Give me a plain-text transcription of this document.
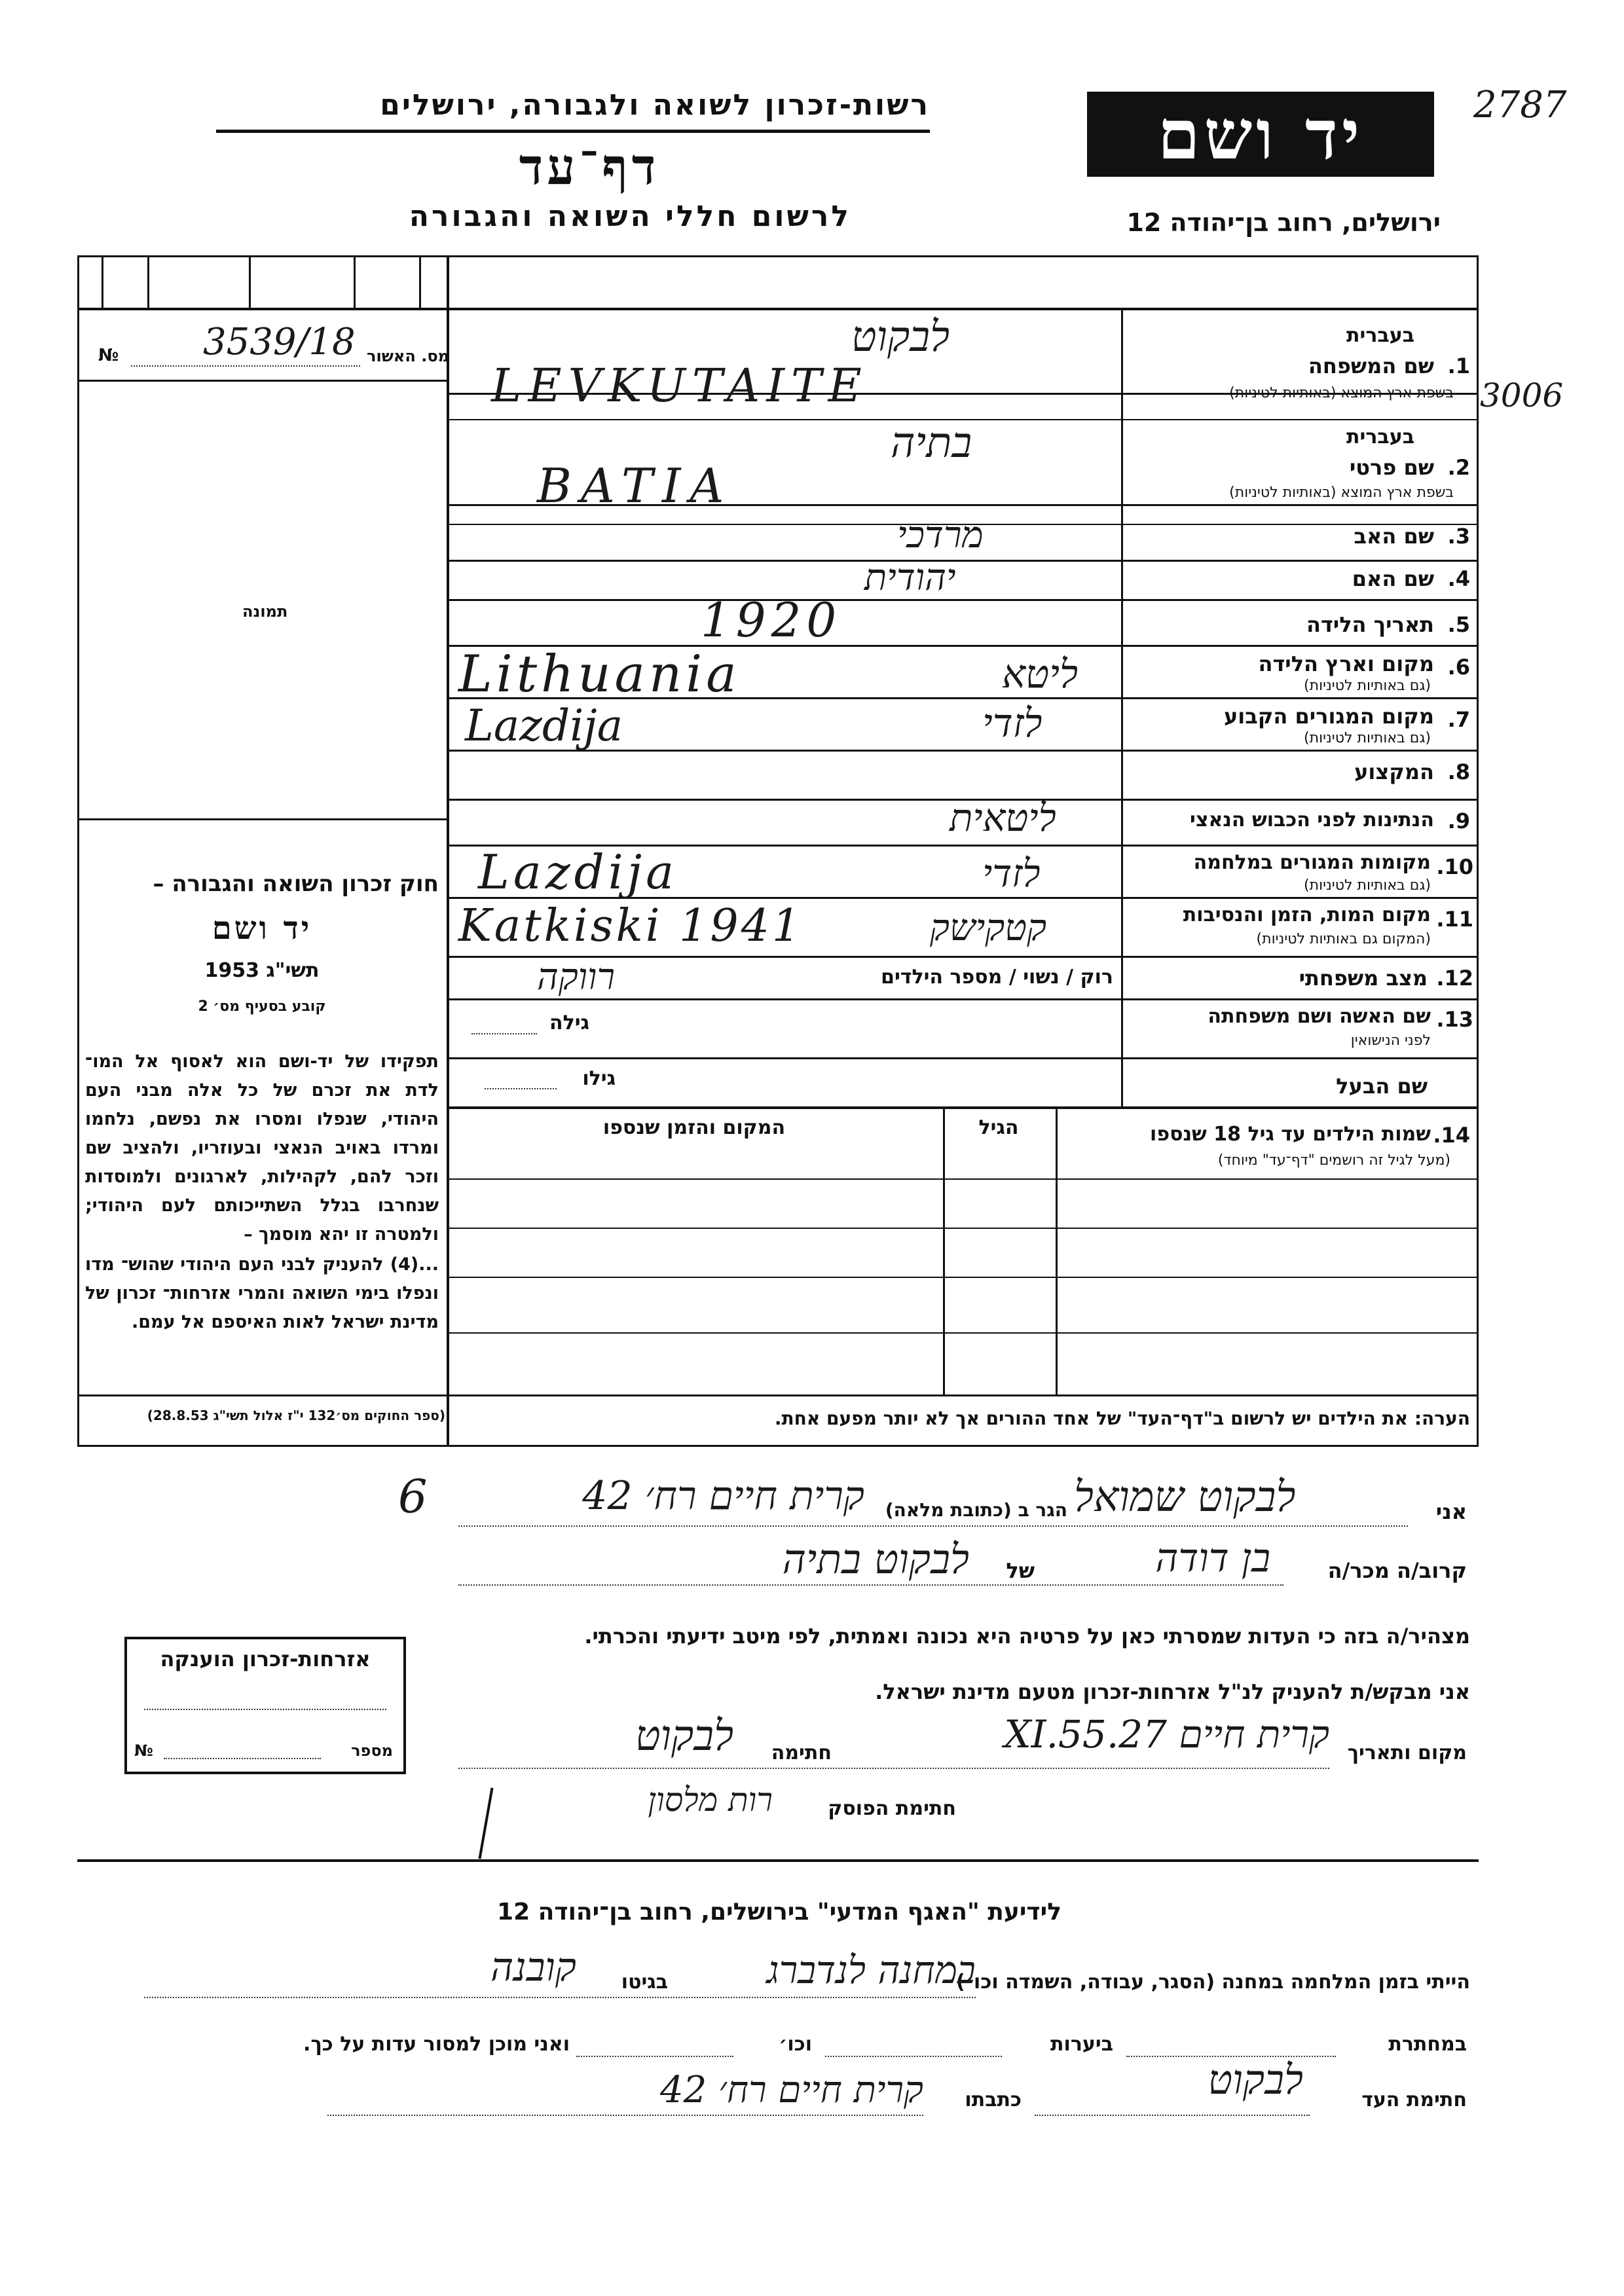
רשות-זכרון לשואה ולגבורה, ירושלים
דף־עד
לרשום חללי השואה והגבורה
יד ושם
ירושלים, רחוב בן־יהודה 12
2787
3006
מס. האשור
№ 3539/18
תמונה
חוק זכרון השואה והגבורה –
יד ושם
תשי"ג 1953
קובע בסעיף מס׳ 2
תפקידו של יד-ושם הוא לאסוף אל המו־ לדת את זכרם של כל אלה מבני העם היהודי, שנפלו ומסרו את נפשם, נלחמו ומרדו באויב הנאצי ובעוזריו, ולהציב שם וזכר להם, לקהילות, לארגונים ולמוסדות שנחרבו בגלל השתייכותם לעם היהודי; ולמטרה זו יהא מוסמך –
...(4) להעניק לבני העם היהודי שהוש־ מדו ונפלו בימי השואה והמרי אזרחות־ זכרון של מדינת ישראל לאות האיספם אל עמם.
(ספר החוקים מס׳132 י"ז אלול תשי"ג 28.8.53)
בעברית
1.
שם המשפחה
בשפת ארץ המוצא (באותיות לטיניות)
לבקוט
LEVKUTAITE
בעברית
2.
שם פרטי
בשפת ארץ המוצא (באותיות לטיניות)
בתיה
BATIA
3.
שם האב
מרדכי
4.
שם האם
יהודית
5.
תאריך הלידה
1920
6.
מקום וארץ הלידה
(גם באותיות לטיניות)
Lithuania	ליטא
7.
מקום המגורים הקבוע
(גם באותיות לטיניות)
Lazdija	לזדי
8.
המקצוע
9.
הנתינות לפני הכבוש הנאצי
ליטאית
10.
מקומות המגורים במלחמה
(גם באותיות לטיניות)
Lazdija	לזדי
11.
מקום המות, הזמן והנסיבות
(המקום גם באותיות לטיניות)
Katkiski 1941	קטקישק
12.
מצב משפחתי
רוק / נשוי / מספר הילדים
רווקה
13.
שם האשה ושם משפחתה
לפני הנישואין
גילה
שם הבעל
גילו
14.
שמות הילדים עד גיל 18 שנספו
(מעל לגיל זה רושמים "דף־עד" מיוחד)
הגיל
המקום והזמן שנספו
הערה: את הילדים יש לרשום ב"דף־העד" של אחד ההורים אך לא יותר מפעם אחת.
6	אני
לבקוט שמואל
הגר ב (כתובת מלאה)
קרית חיים רח׳ 42
קרוב/ה מכר/ה
בן דודה
של
לבקוט בתיה
מצהיר/ה בזה כי העדות שמסרתי כאן על פרטיה היא נכונה ואמתית, לפי מיטב ידיעתי והכרתי.
אני מבקש/ת להעניק לנ"ל אזרחות-זכרון מטעם מדינת ישראל.
מקום ותאריך
קרית חיים 27.XI.55
חתימה
לבקוט
חתימת הפוסק
רות מלסון
אזרחות-זכרון הוענקה
№	מספר
לידיעת "האגף המדעי" בירושלים, רחוב בן־יהודה 12
הייתי בזמן המלחמה במחנה (הסגר, עבודה, השמדה וכו׳)
במחנה לנדברג
בגיטו
קובנה
במחתרת
ביערות
וכו׳
ואני מוכן למסור עדות על כך.
חתימת העד
לבקוט
כתבתו
קרית חיים רח׳ 42
